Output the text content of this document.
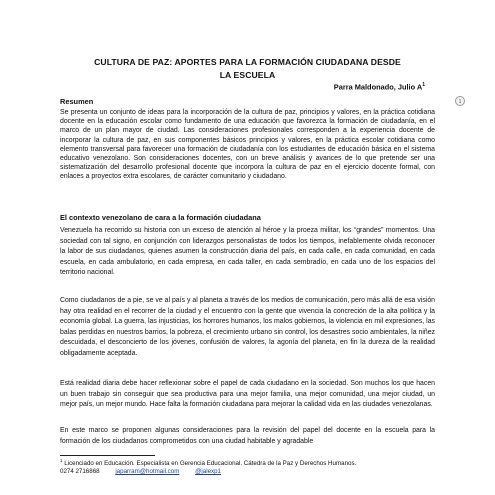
CULTURA DE PAZ: APORTES PARA LA FORMACIÓN CIUDADANA DESDE
LA ESCUELA
Parra Maldonado, Julio $A^1$
1
Resumen

Se presenta un conjunto de ideas para la incorporación de la cultura de paz, principios y valores, en la práctica cotidiana docente en la educación escolar como fundamento de una educación que favorezca la formación de ciudadanía, en el marco de un plan mayor de ciudad. Las consideraciones profesionales corresponden a la experiencia docente de incorporar la cultura de paz, en sus componentes básicos principios y valores, en la práctica escolar cotidiana como elemento transversal para favorecer una formación de ciudadanía con los estudiantes de educación básica en el sistema educativo venezolano. Son consideraciones docentes, con un breve análisis y avances de lo que pretende ser una sistematización del desarrollo profesional docente que incorpora la cultura de paz en el ejercicio docente formal, con enlaces a proyectos extra escolares, de carácter comunitario y ciudadano.

El contexto venezolano de cara a la formación ciudadana

Venezuela ha recorrido su historia con un exceso de atención al héroe y la proeza militar, los “grandes” momentos. Una sociedad con tal signo, en conjunción con liderazgos personalistas de todos los tiempos, inefablemente olvida reconocer la labor de sus ciudadanos, quienes asumen la construcción diaria del país, en cada calle, en cada comunidad, en cada escuela, en cada ambulatorio, en cada empresa, en cada taller, en cada sembradío, en cada uno de los espacios del territorio nacional.

Como ciudadanos de a pie, se ve al país y al planeta a través de los medios de comunicación, pero más allá de esa visión hay otra realidad en el recorrer de la ciudad y el encuentro con la gente que vivencia la concreción de la alta política y la economía global. La guerra, las injusticias, los horrores humanos, los malos gobiernos, la violencia en mil expresiones, las balas perdidas en nuestros barrios, la pobreza, el crecimiento urbano sin control, los desastres socio ambientales, la niñez descuidada, el desconcierto de los jóvenes, confusión de valores, la agonía del planeta, en fin la dureza de la realidad obligadamente aceptada.

Está realidad diaria debe hacer reflexionar sobre el papel de cada ciudadano en la sociedad. Son muchos los que hacen un buen trabajo sin conseguir que sea productiva para una mejor familia, una mejor comunidad, una mejor ciudad, un mejor país, un mejor mundo. Hace falta la formación ciudadana para mejorar la calidad vida en las ciudades venezolanas.

En este marco se proponen algunas consideraciones para la revisión del papel del docente en la escuela para la formación de los ciudadanos comprometidos con una ciudad habitable y agradable

$^1$ Licenciado en Educación. Especialista en Gerencia Educacional. Cátedra de la Paz y Derechos Humanos.
0274 2716868	japarram@hotmail.com	@jalexp1
